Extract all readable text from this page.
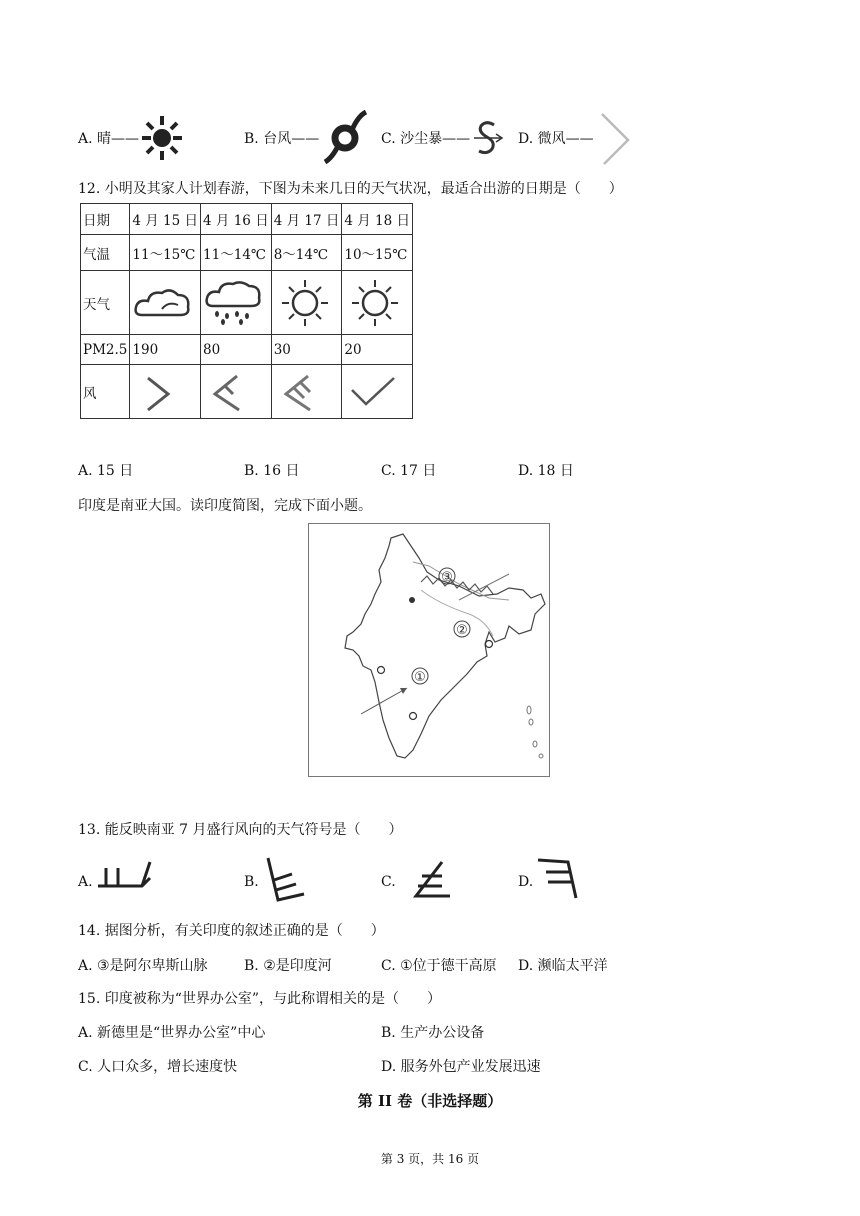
A. 晴——	B. 台风——	C. 沙尘暴——	D. 微风——
12. 小明及其家人计划春游，下图为未来几日的天气状况，最适合出游的日期是（　　）
日期	4 月 15 日	4 月 16 日	4 月 17 日	4 月 18 日
气温	11～15℃	11～14℃	8～14℃	10～15℃
天气	

PM2.5	190	80	30	20
风	

A. 15 日	B. 16 日	C. 17 日	D. 18 日
印度是南亚大国。读印度简图，完成下面小题。
③
②
①
13. 能反映南亚 7 月盛行风向的天气符号是（　　）
A.	B.	C.	D.
14. 据图分析，有关印度的叙述正确的是（　　）
A. ③是阿尔卑斯山脉	B. ②是印度河	C. ①位于德干高原 D. 濒临太平洋
15. 印度被称为“世界办公室”，与此称谓相关的是（　　）
A. 新德里是“世界办公室”中心	B. 生产办公设备
C. 人口众多，增长速度快	D. 服务外包产业发展迅速
第 II 卷（非选择题）
第 3 页，共 16 页
